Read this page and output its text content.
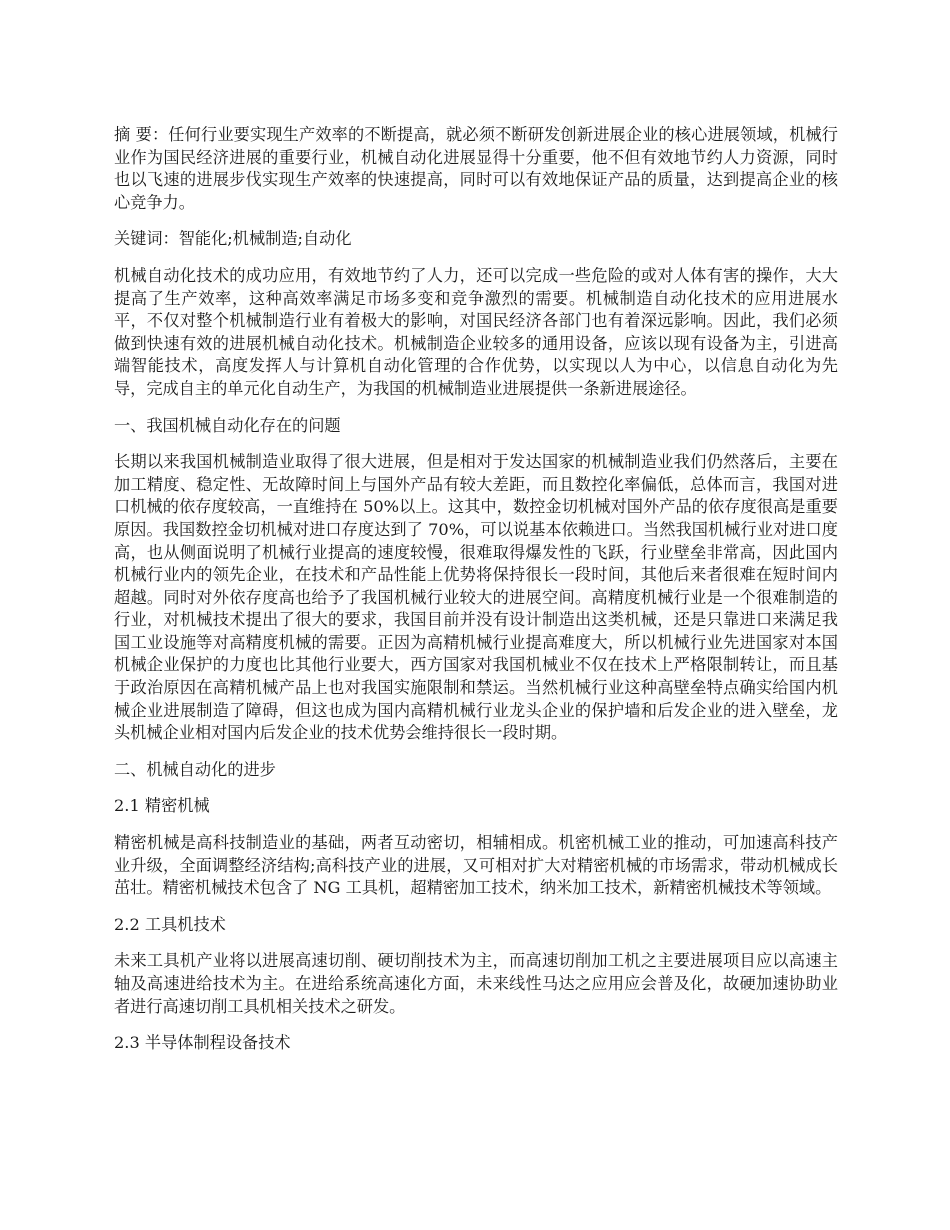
摘 要：任何行业要实现生产效率的不断提高，就必须不断研发创新进展企业的核心进展领域，机械行业作为国民经济进展的重要行业，机械自动化进展显得十分重要，他不但有效地节约人力资源，同时也以飞速的进展步伐实现生产效率的快速提高，同时可以有效地保证产品的质量，达到提高企业的核心竞争力。

关键词：智能化;机械制造;自动化

机械自动化技术的成功应用，有效地节约了人力，还可以完成一些危险的或对人体有害的操作，大大提高了生产效率，这种高效率满足市场多变和竞争激烈的需要。机械制造自动化技术的应用进展水平，不仅对整个机械制造行业有着极大的影响，对国民经济各部门也有着深远影响。因此，我们必须做到快速有效的进展机械自动化技术。机械制造企业较多的通用设备，应该以现有设备为主，引进高端智能技术，高度发挥人与计算机自动化管理的合作优势，以实现以人为中心，以信息自动化为先导，完成自主的单元化自动生产，为我国的机械制造业进展提供一条新进展途径。

一、我国机械自动化存在的问题

长期以来我国机械制造业取得了很大进展，但是相对于发达国家的机械制造业我们仍然落后，主要在加工精度、稳定性、无故障时间上与国外产品有较大差距，而且数控化率偏低，总体而言，我国对进口机械的依存度较高，一直维持在 50%以上。这其中，数控金切机械对国外产品的依存度很高是重要原因。我国数控金切机械对进口存度达到了 70%，可以说基本依赖进口。当然我国机械行业对进口度高，也从侧面说明了机械行业提高的速度较慢，很难取得爆发性的飞跃，行业壁垒非常高，因此国内机械行业内的领先企业，在技术和产品性能上优势将保持很长一段时间，其他后来者很难在短时间内超越。同时对外依存度高也给予了我国机械行业较大的进展空间。高精度机械行业是一个很难制造的行业，对机械技术提出了很大的要求，我国目前并没有设计制造出这类机械，还是只靠进口来满足我国工业设施等对高精度机械的需要。正因为高精机械行业提高难度大，所以机械行业先进国家对本国机械企业保护的力度也比其他行业要大，西方国家对我国机械业不仅在技术上严格限制转让，而且基于政治原因在高精机械产品上也对我国实施限制和禁运。当然机械行业这种高壁垒特点确实给国内机械企业进展制造了障碍，但这也成为国内高精机械行业龙头企业的保护墙和后发企业的进入壁垒，龙头机械企业相对国内后发企业的技术优势会维持很长一段时期。

二、机械自动化的进步

2.1 精密机械

精密机械是高科技制造业的基础，两者互动密切，相辅相成。机密机械工业的推动，可加速高科技产业升级，全面调整经济结构;高科技产业的进展，又可相对扩大对精密机械的市场需求，带动机械成长茁壮。精密机械技术包含了 NG 工具机，超精密加工技术，纳米加工技术，新精密机械技术等领域。

2.2 工具机技术

未来工具机产业将以进展高速切削、硬切削技术为主，而高速切削加工机之主要进展项目应以高速主轴及高速进给技术为主。在进给系统高速化方面，未来线性马达之应用应会普及化，故硬加速协助业者进行高速切削工具机相关技术之研发。

2.3 半导体制程设备技术
